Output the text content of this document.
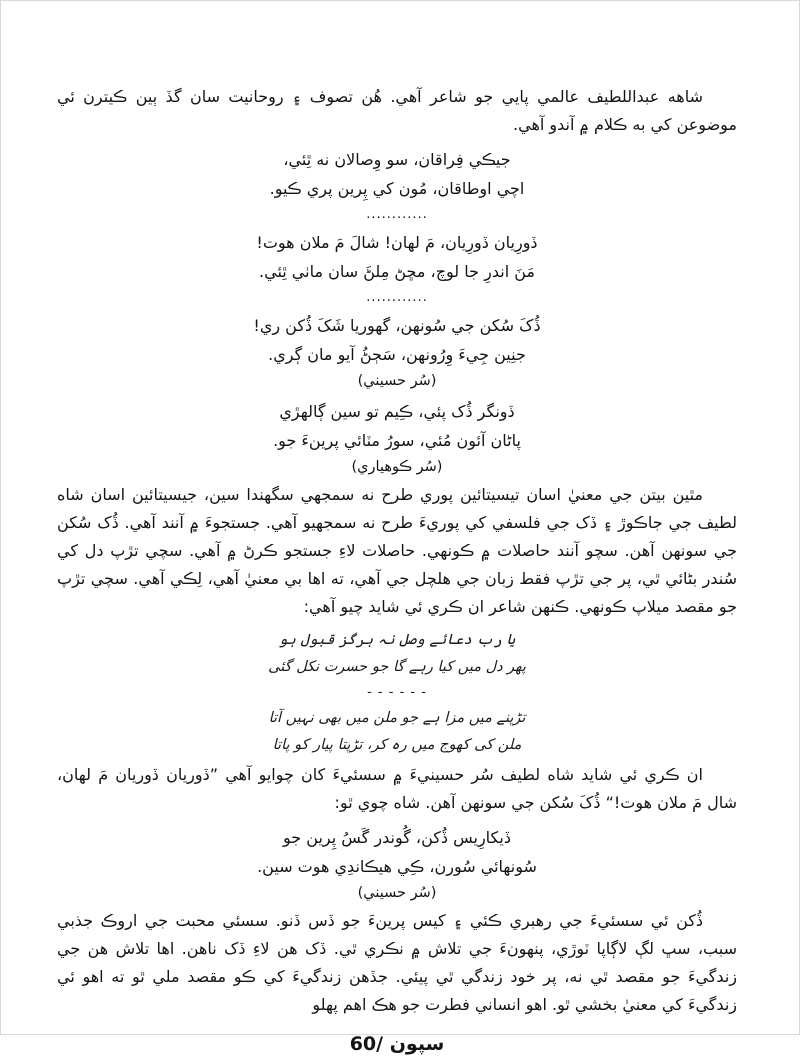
شاهه عبداللطيف عالمي پايي جو شاعر آهي. هُن تصوف ۽ روحانيت سان گڏ ٻين ڪيترن ئي موضوعن کي به ڪلام ۾ آندو آهي.

جيڪي فِراقان، سو وِصالان نه ٿِئي،
اچي اوطاقان، مُون کي پِرين پري ڪيو.
............
ڏورِيان ڏورِيان، مَ لهان! شالَ مَ ملان هوت!
مَنَ اندرِ جا لوچ، مڇڻ مِلڻَ سان ماٺي ٿِئي.
............
ڏُکَ سُکن جي سُونهن، گهوريا شَکَ ڏُکن ري!
جنِين جِيءَ وِرُونهن، سَڄڻُ آيو مان ڳري.
(سُر حسيني)
ڏونگر ڏُک پئي، ڪِيم تو سين ڳالهڙي
پاڻان آئون مُئي، سورُ مٽائي پرينءَ جو.
(سُر ڪوهياري)

مٿين بيتن جي معنيٰ اسان تيسيتائين پوري طرح نه سمجهي سگهندا سين، جيسيتائين اسان شاه لطيف جي جاڪوڙ ۽ ڏک جي فلسفي کي پوريءَ طرح نه سمجهيو آهي. جستجوءَ ۾ آنند آهي. ڏُک سُکن جي سونهن آهن. سچو آنند حاصلات ۾ ڪونهي. حاصلات لاءِ جستجو ڪرڻ ۾ آهي. سچي تڙپ دل کي سُندر بڻائي ٿي، پر جي تڙپ فقط زبان جي هلچل جي آهي، ته اها بي معنيٰ آهي، لِڪي آهي. سچي تڙپ جو مقصد ميلاپ ڪونهي. ڪنهن شاعر ان ڪري ئي شايد چيو آهي:

يا رب دعائے وصل نہ ہرگز قبول ہو
پھر دل ميں کيا رہے گا جو حسرت نکل گئی
- - - - - -
تڑپنے ميں مزا ہے جو ملن ميں بھی نہيں آتا
ملن کی کھوج ميں رہ کر، تڑپتا پيار کو پاتا

ان ڪري ئي شايد شاه لطيف سُر حسينيءَ ۾ سسئيءَ کان چوايو آهي ”ڏوريان ڏوريان مَ لهان، شال مَ ملان هوت!“ ڏُکَ سُکن جي سونهن آهن. شاه چوي ٿو:

ڏيکارِيس ڏُکن، گُوندر گَسُ پِرين جو
سُونهائي سُورن، ڪِي هيڪاندِي هوت سين.
(سُر حسيني)

ڏُکن ئي سسئيءَ جي رهبري ڪئي ۽ کيس پرينءَ جو ڏس ڏنو. سسئي محبت جي اروڪ جذبي سبب، سڀ لڳ لاڳاپا ٽوڙي، پنهونءَ جي تلاش ۾ نڪري ٿي. ڏک هن لاءِ ڏک ناهن. اها تلاش هن جي زندگيءَ جو مقصد ٿي نه، پر خود زندگي ٿي پيئي. جڏهن زندگيءَ کي ڪو مقصد ملي ٿو ته اهو ئي زندگيءَ کي معنيٰ بخشي ٿو. اهو انساني فطرت جو هڪ اهم پهلو

سپون /60
